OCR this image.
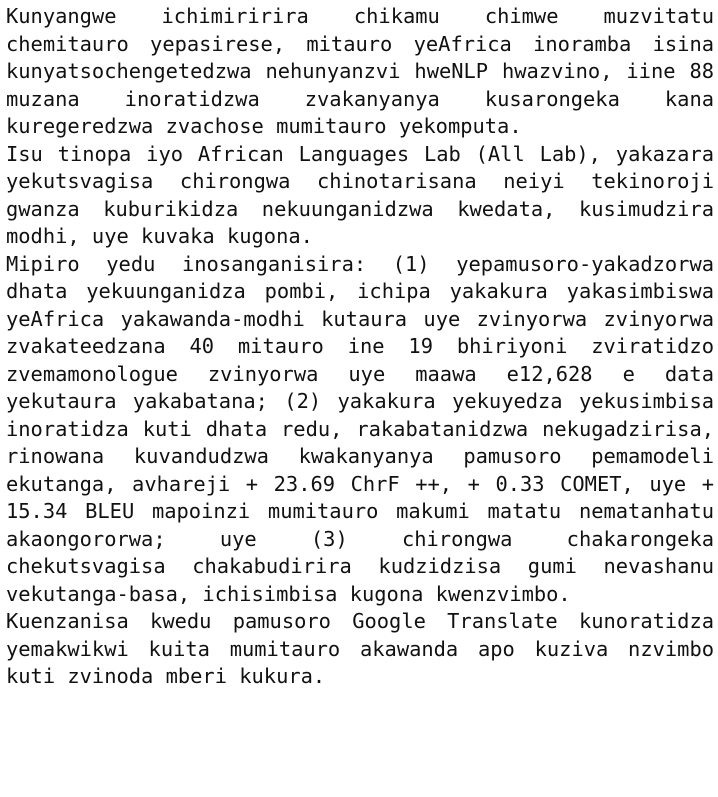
Kunyangwe ichimiririra chikamu chimwe muzvitatu chemitauro yepasirese, mitauro yeAfrica inoramba isina kunyatsochengetedzwa nehunyanzvi hweNLP hwazvino, iine 88 muzana inoratidzwa zvakanyanya kusarongeka kana kuregeredzwa zvachose mumitauro yekomputa.

Isu tinopa iyo African Languages Lab (All Lab), yakazara yekutsvagisa chirongwa chinotarisana neiyi tekinoroji gwanza kuburikidza nekuunganidzwa kwedata, kusimudzira modhi, uye kuvaka kugona.

Mipiro yedu inosanganisira: (1) yepamusoro-yakadzorwa dhata yekuunganidza pombi, ichipa yakakura yakasimbiswa yeAfrica yakawanda-modhi kutaura uye zvinyorwa zvinyorwa zvakateedzana 40 mitauro ine 19 bhiriyoni zviratidzo zvemamonologue zvinyorwa uye maawa e12,628 e data yekutaura yakabatana; (2) yakakura yekuyedza yekusimbisa inoratidza kuti dhata redu, rakabatanidzwa nekugadzirisa, rinowana kuvandudzwa kwakanyanya pamusoro pemamodeli ekutanga, avhareji + 23.69 ChrF ++, + 0.33 COMET, uye + 15.34 BLEU mapoinzi mumitauro makumi matatu nematanhatu akaongororwa; uye (3) chirongwa chakarongeka chekutsvagisa chakabudirira kudzidzisa gumi nevashanu vekutanga-basa, ichisimbisa kugona kwenzvimbo.

Kuenzanisa kwedu pamusoro Google Translate kunoratidza yemakwikwi kuita mumitauro akawanda apo kuziva nzvimbo kuti zvinoda mberi kukura.
